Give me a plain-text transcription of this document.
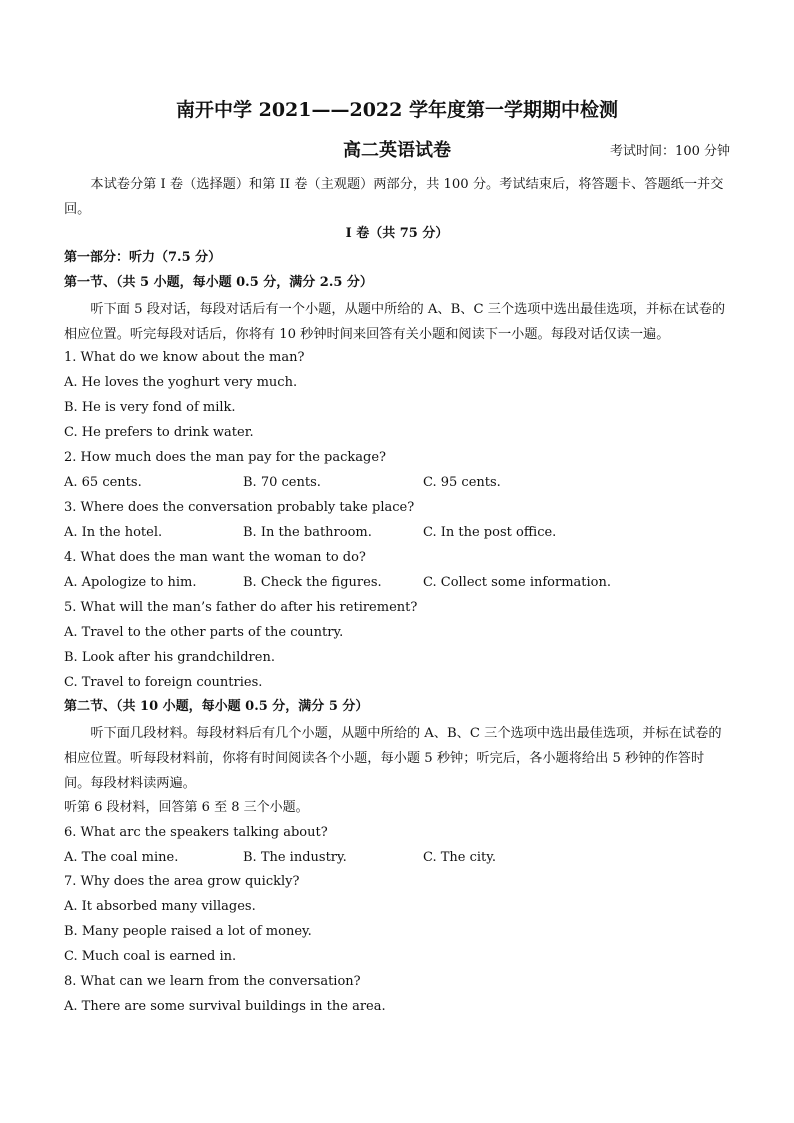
南开中学 2021——2022 学年度第一学期期中检测
高二英语试卷	考试时间：100 分钟
本试卷分第 I 卷（选择题）和第 II 卷（主观题）两部分，共 100 分。考试结束后，将答题卡、答题纸一并交回。
I 卷（共 75 分）
第一部分：听力（7.5 分）
第一节、（共 5 小题，每小题 0.5 分，满分 2.5 分）
听下面 5 段对话，每段对话后有一个小题，从题中所给的 A、B、C 三个选项中选出最佳选项，并标在试卷的相应位置。听完每段对话后，你将有 10 秒钟时间来回答有关小题和阅读下一小题。每段对话仅读一遍。
1. What do we know about the man?
A. He loves the yoghurt very much.
B. He is very fond of milk.
C. He prefers to drink water.
2. How much does the man pay for the package?
A. 65 cents.	B. 70 cents.	C. 95 cents.
3. Where does the conversation probably take place?
A. In the hotel.	B. In the bathroom.	C. In the post office.
4. What does the man want the woman to do?
A. Apologize to him.	B. Check the figures.	C. Collect some information.
5. What will the man’s father do after his retirement?
A. Travel to the other parts of the country.
B. Look after his grandchildren.
C. Travel to foreign countries.
第二节、（共 10 小题，每小题 0.5 分，满分 5 分）
听下面几段材料。每段材料后有几个小题，从题中所给的 A、B、C 三个选项中选出最佳选项，并标在试卷的相应位置。听每段材料前，你将有时间阅读各个小题，每小题 5 秒钟；听完后，各小题将给出 5 秒钟的作答时间。每段材料读两遍。
听第 6 段材料，回答第 6 至 8 三个小题。
6. What arc the speakers talking about?
A. The coal mine.	B. The industry.	C. The city.
7. Why does the area grow quickly?
A. It absorbed many villages.
B. Many people raised a lot of money.
C. Much coal is earned in.
8. What can we learn from the conversation?
A. There are some survival buildings in the area.
